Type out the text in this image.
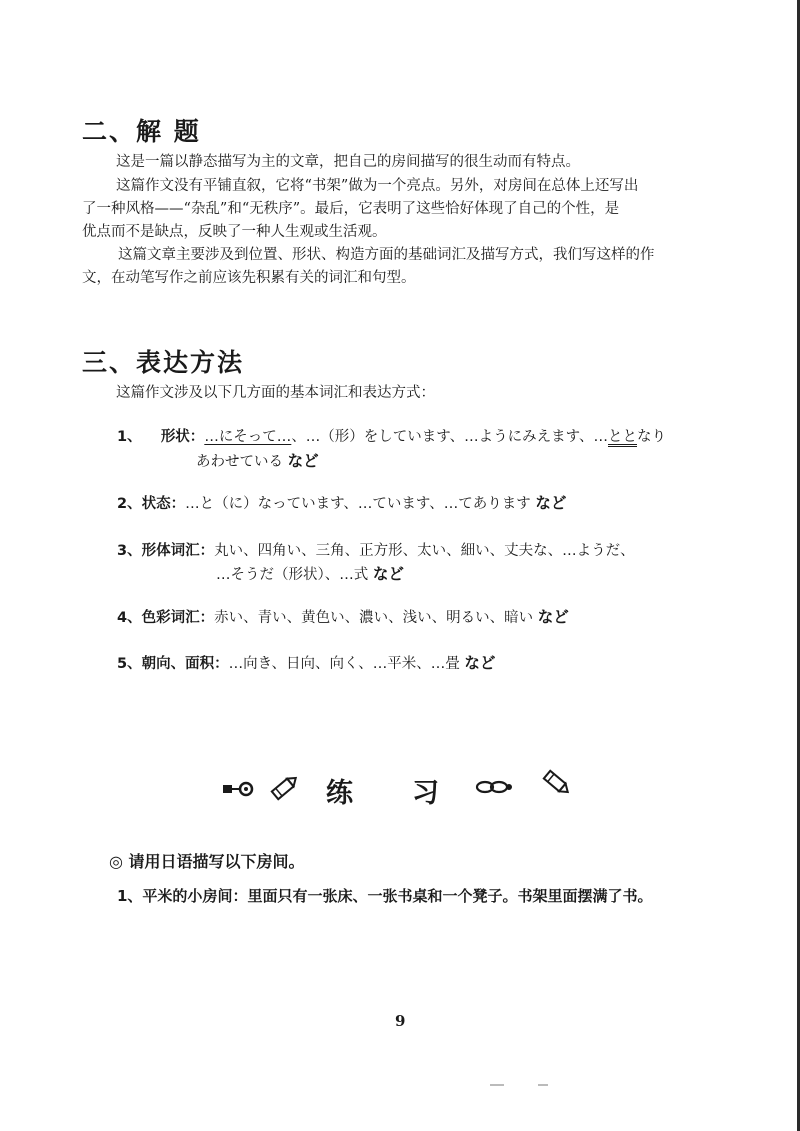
二、解 题
这是一篇以静态描写为主的文章，把自己的房间描写的很生动而有特点。
这篇作文没有平铺直叙，它将“书架”做为一个亮点。另外，对房间在总体上还写出
了一种风格——“杂乱”和“无秩序”。最后，它表明了这些恰好体现了自己的个性，是
优点而不是缺点，反映了一种人生观或生活观。
这篇文章主要涉及到位置、形状、构造方面的基础词汇及描写方式，我们写这样的作
文，在动笔写作之前应该先积累有关的词汇和句型。
三、表达方法
这篇作文涉及以下几方面的基本词汇和表达方式：
1、 形状：…にそって…、…（形）をしています、…ようにみえます、…ととなり
あわせている など
2、状态：…と（に）なっています、…ています、…てあります など
3、形体词汇：丸い、四角い、三角、正方形、太い、細い、丈夫な、…ようだ、
…そうだ（形状）、…式 など
4、色彩词汇：赤い、青い、黄色い、濃い、浅い、明るい、暗い など
5、朝向、面积：…向き、日向、向く、…平米、…畳 など
练 习
◎ 请用日语描写以下房间。
1、平米的小房间：里面只有一张床、一张书桌和一个凳子。书架里面摆满了书。
9
